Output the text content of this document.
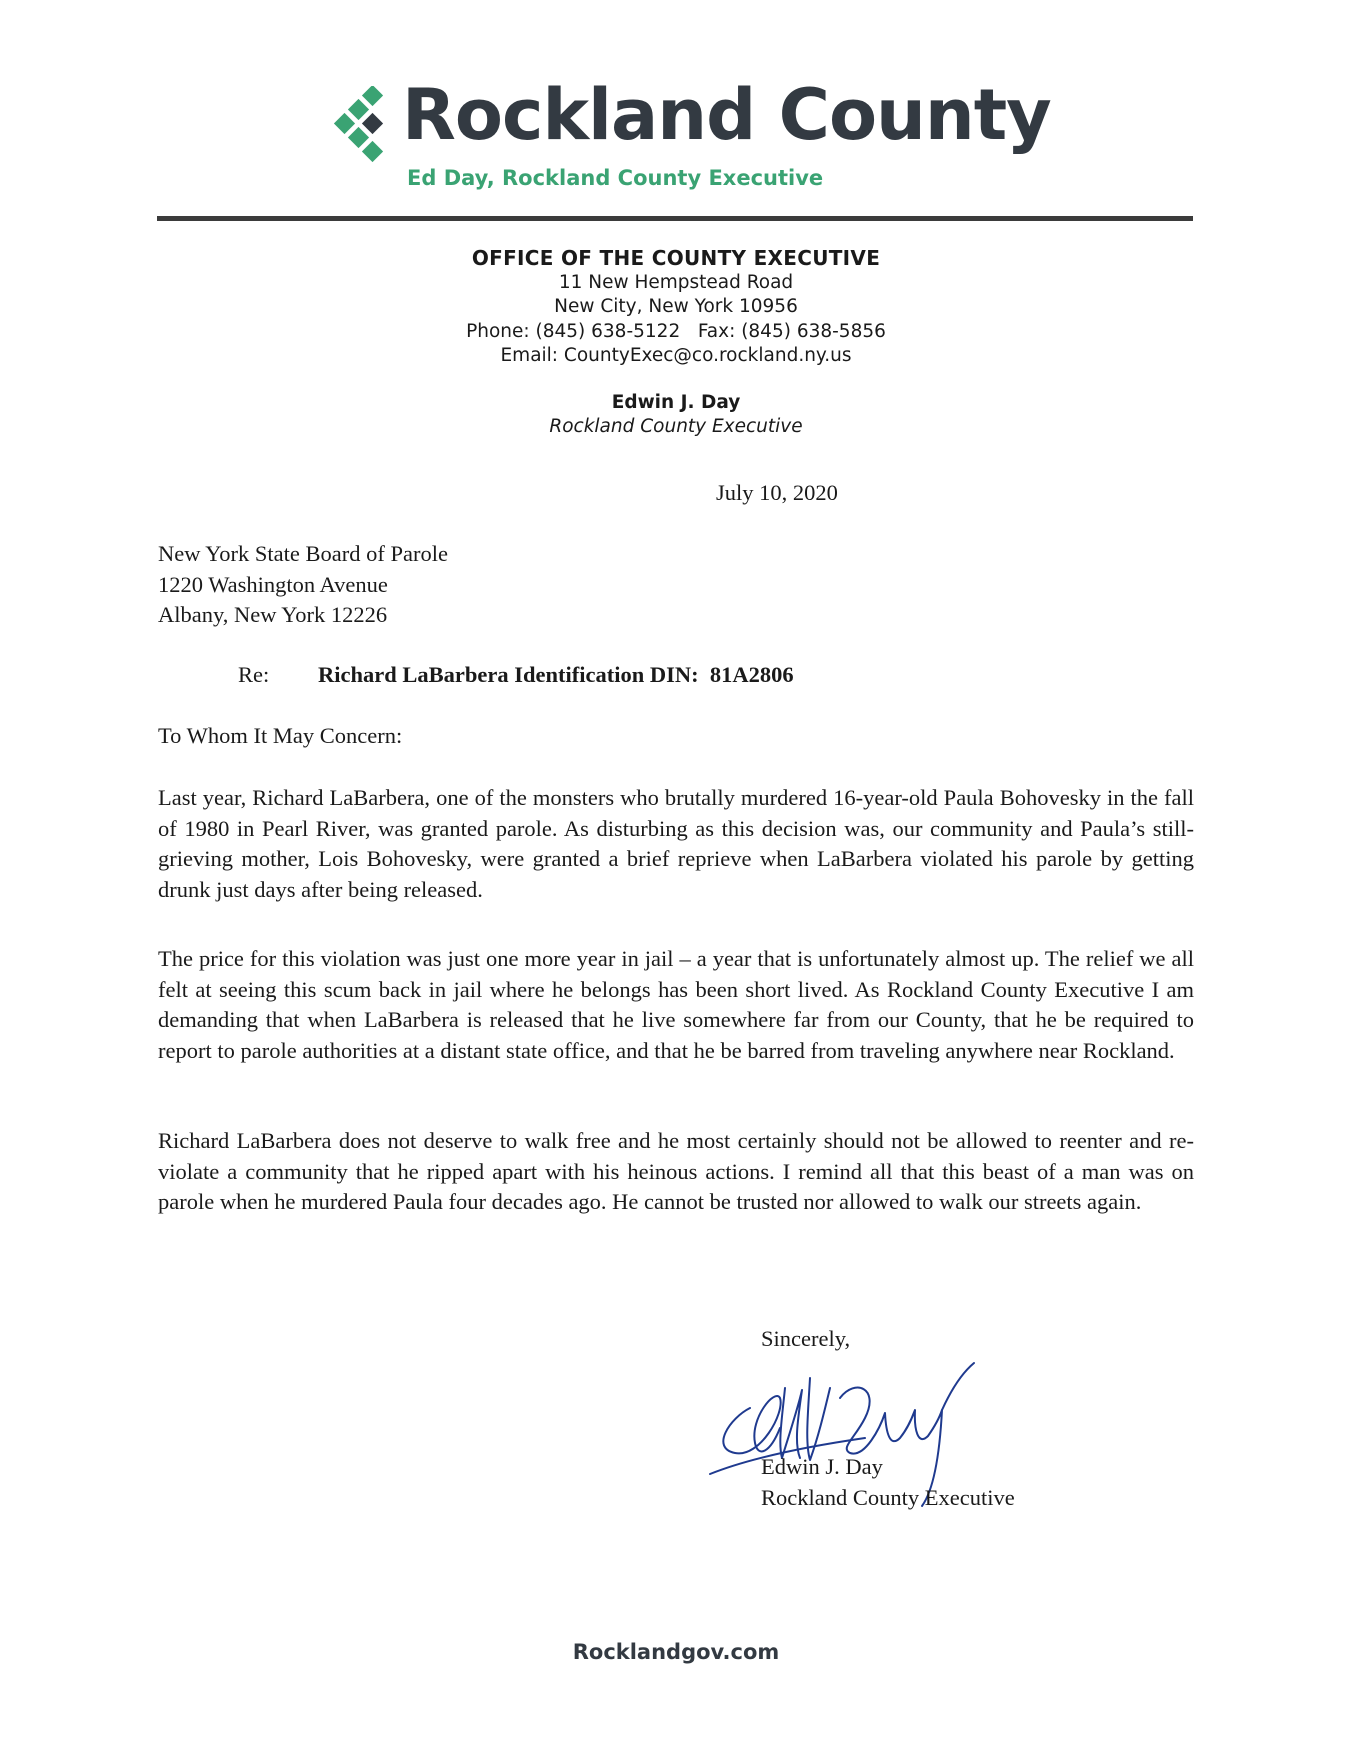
Rockland County
Ed Day, Rockland County Executive
OFFICE OF THE COUNTY EXECUTIVE
11 New Hempstead Road
New City, New York 10956
Phone: (845) 638-5122   Fax: (845) 638-5856
Email: CountyExec@co.rockland.ny.us
Edwin J. Day
Rockland County Executive
July 10, 2020
New York State Board of Parole
1220 Washington Avenue
Albany, New York 12226
Re: Richard LaBarbera Identification DIN:  81A2806
To Whom It May Concern:

Last year, Richard LaBarbera, one of the monsters who brutally murdered 16-year-old Paula Bohovesky in the fall of 1980 in Pearl River, was granted parole. As disturbing as this decision was, our community and Paula’s still-grieving mother, Lois Bohovesky, were granted a brief reprieve when LaBarbera violated his parole by getting drunk just days after being released.

The price for this violation was just one more year in jail – a year that is unfortunately almost up. The relief we all felt at seeing this scum back in jail where he belongs has been short lived. As Rockland County Executive I am demanding that when LaBarbera is released that he live somewhere far from our County, that he be required to report to parole authorities at a distant state office, and that he be barred from traveling anywhere near Rockland.

Richard LaBarbera does not deserve to walk free and he most certainly should not be allowed to reenter and re-violate a community that he ripped apart with his heinous actions. I remind all that this beast of a man was on parole when he murdered Paula four decades ago. He cannot be trusted nor allowed to walk our streets again.

Sincerely,
Edwin J. Day
Rockland County Executive
Rocklandgov.com
